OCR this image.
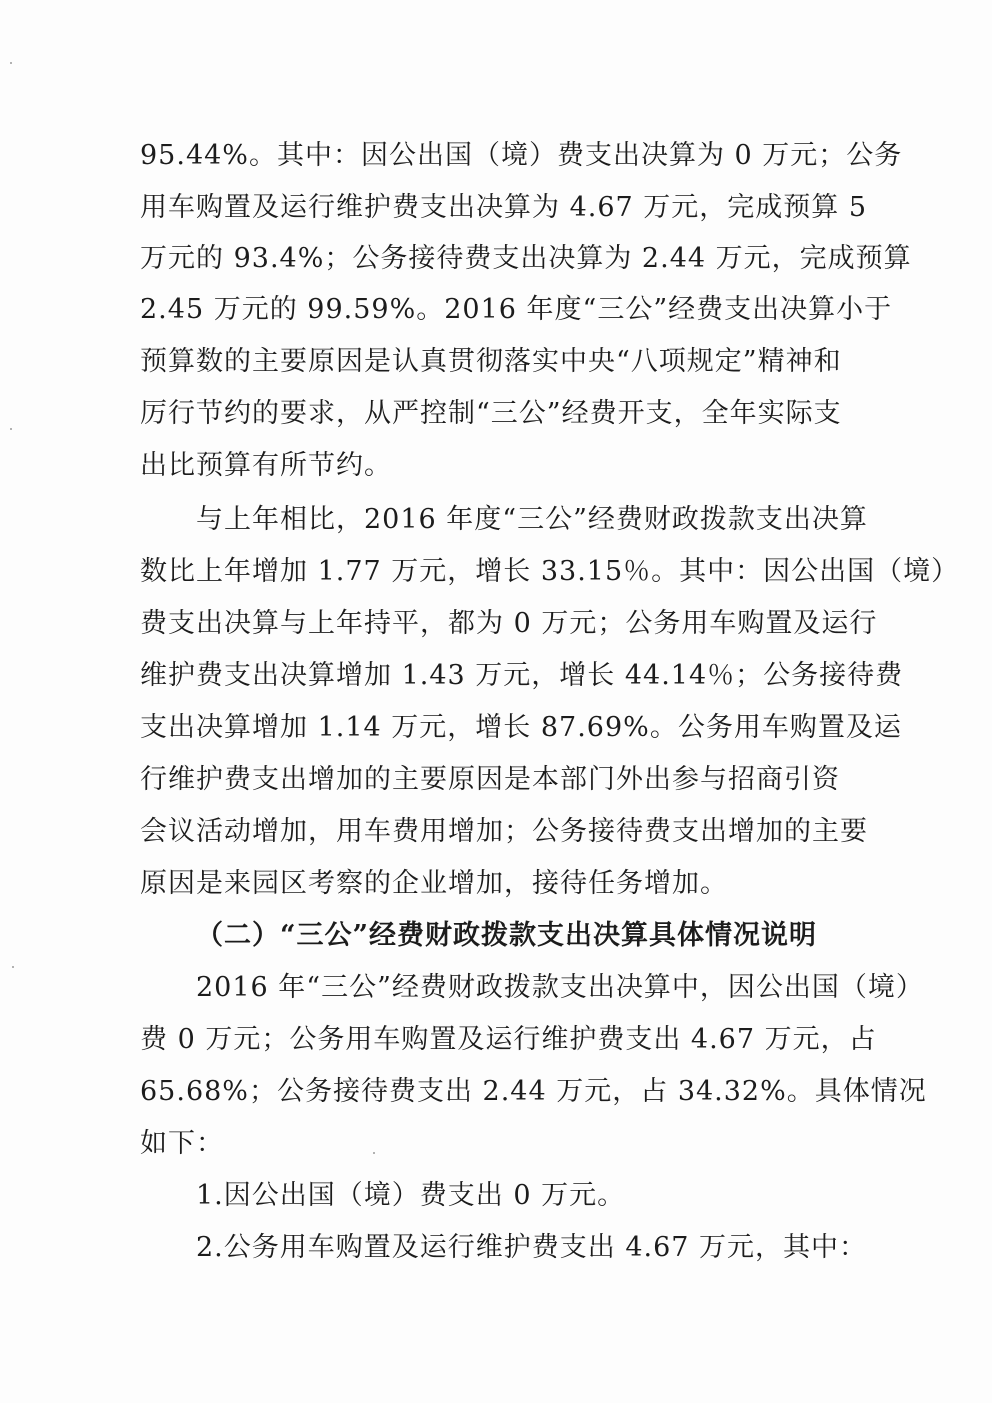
95.44%。其中：因公出国（境）费支出决算为 0 万元；公务
用车购置及运行维护费支出决算为 4.67 万元，完成预算 5
万元的 93.4%；公务接待费支出决算为 2.44 万元，完成预算
2.45 万元的 99.59%。2016 年度“三公”经费支出决算小于
预算数的主要原因是认真贯彻落实中央“八项规定”精神和
厉行节约的要求，从严控制“三公”经费开支，全年实际支
出比预算有所节约。
与上年相比，2016 年度“三公”经费财政拨款支出决算
数比上年增加 1.77 万元，增长 33.15％。其中：因公出国（境）
费支出决算与上年持平，都为 0 万元；公务用车购置及运行
维护费支出决算增加 1.43 万元，增长 44.14％；公务接待费
支出决算增加 1.14 万元，增长 87.69%。公务用车购置及运
行维护费支出增加的主要原因是本部门外出参与招商引资
会议活动增加，用车费用增加；公务接待费支出增加的主要
原因是来园区考察的企业增加，接待任务增加。
（二）“三公”经费财政拨款支出决算具体情况说明
2016 年“三公”经费财政拨款支出决算中，因公出国（境）
费 0 万元；公务用车购置及运行维护费支出 4.67 万元，占
65.68%；公务接待费支出 2.44 万元，占 34.32%。具体情况
如下：
1.因公出国（境）费支出 0 万元。
2.公务用车购置及运行维护费支出 4.67 万元，其中：
